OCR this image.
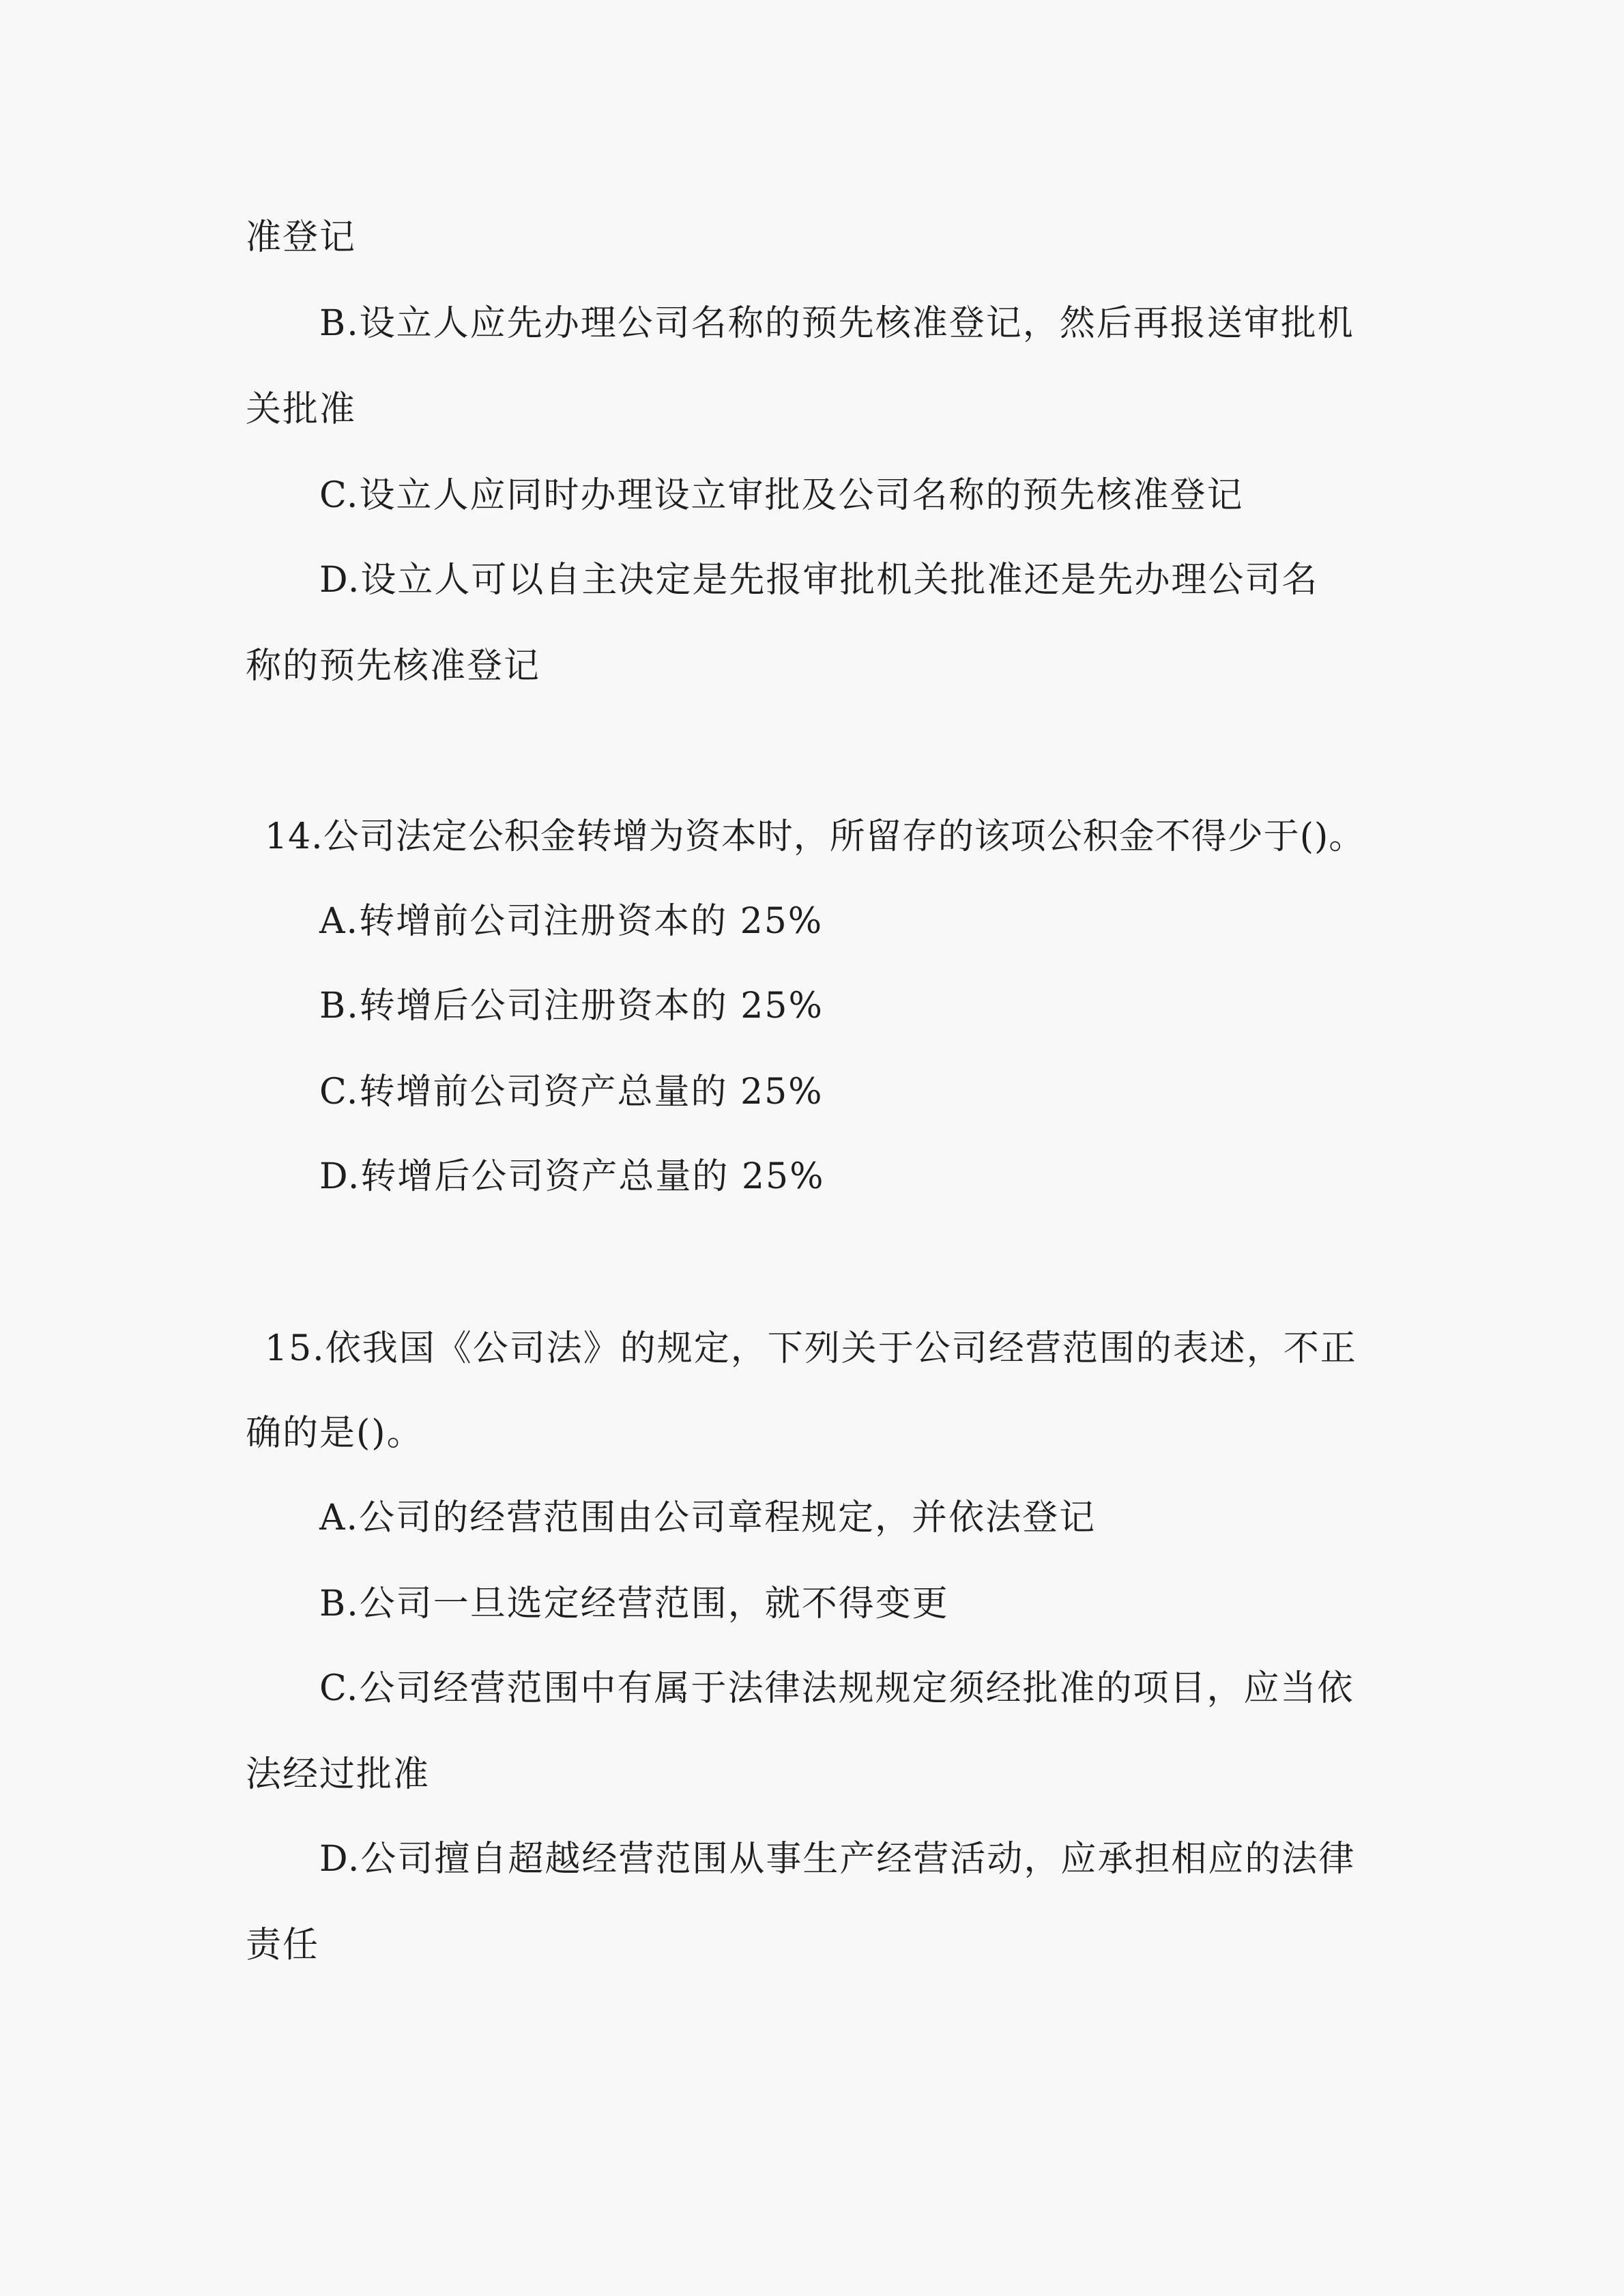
准登记

B.设立人应先办理公司名称的预先核准登记，然后再报送审批机

关批准

C.设立人应同时办理设立审批及公司名称的预先核准登记

D.设立人可以自主决定是先报审批机关批准还是先办理公司名

称的预先核准登记

14.公司法定公积金转增为资本时，所留存的该项公积金不得少于()。

A.转增前公司注册资本的 25%

B.转增后公司注册资本的 25%

C.转增前公司资产总量的 25%

D.转增后公司资产总量的 25%

15.依我国《公司法》的规定，下列关于公司经营范围的表述，不正

确的是()。

A.公司的经营范围由公司章程规定，并依法登记

B.公司一旦选定经营范围，就不得变更

C.公司经营范围中有属于法律法规规定须经批准的项目，应当依

法经过批准

D.公司擅自超越经营范围从事生产经营活动，应承担相应的法律

责任
